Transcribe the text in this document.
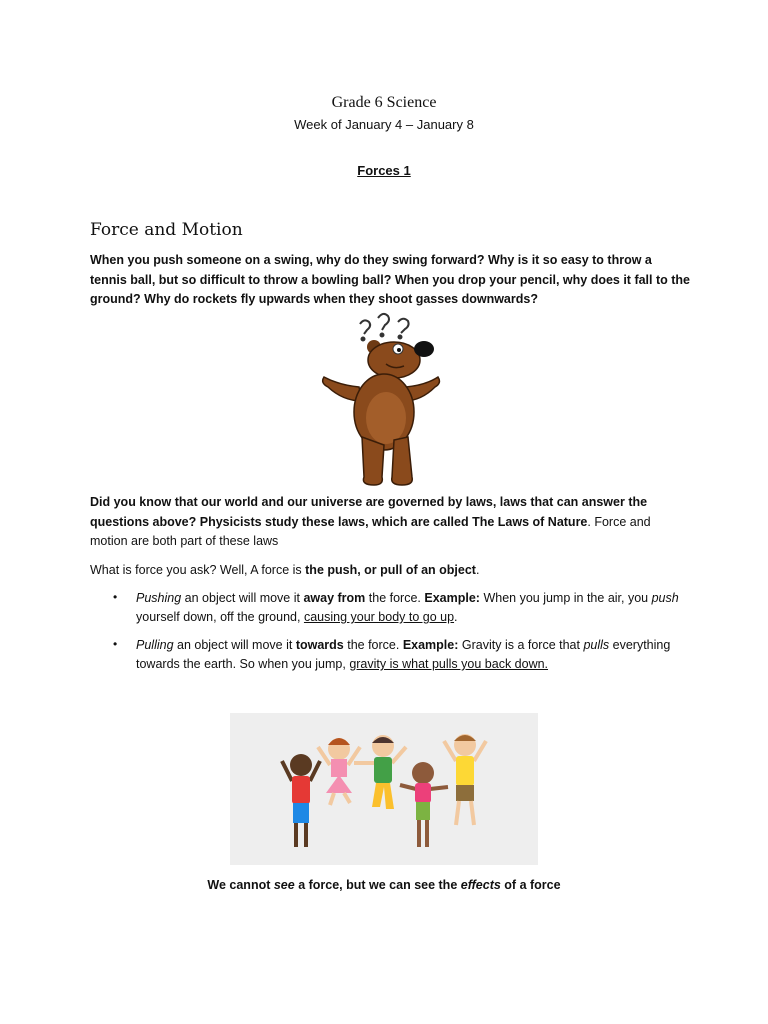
Grade 6 Science
Week of January 4 – January 8
Forces 1
Force and Motion
When you push someone on a swing, why do they swing forward? Why is it so easy to throw a tennis ball, but so difficult to throw a bowling ball? When you drop your pencil, why does it fall to the ground? Why do rockets fly upwards when they shoot gasses downwards?
Did you know that our world and our universe are governed by laws, laws that can answer the questions above? Physicists study these laws, which are called The Laws of Nature. Force and motion are both part of these laws
What is force you ask? Well, A force is the push, or pull of an object.
• Pushing an object will move it away from the force. Example: When you jump in the air, you push yourself down, off the ground, causing your body to go up.
• Pulling an object will move it towards the force. Example: Gravity is a force that pulls everything towards the earth. So when you jump, gravity is what pulls you back down.
We cannot see a force, but we can see the effects of a force
